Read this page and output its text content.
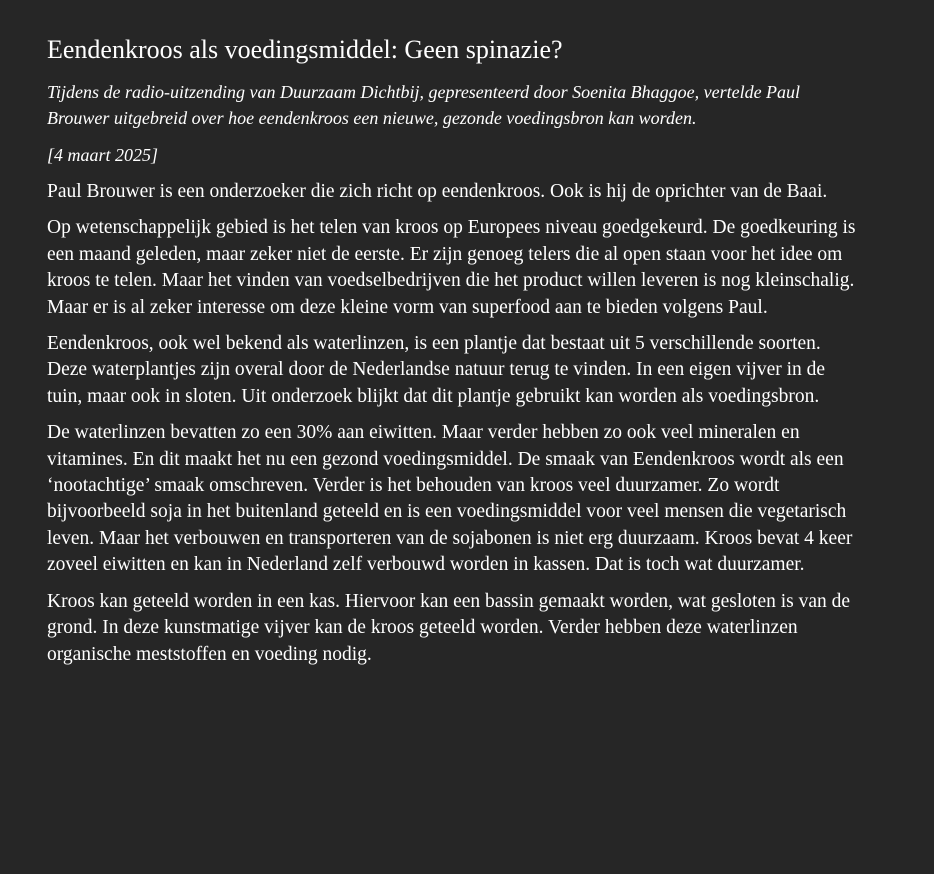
Eendenkroos als voedingsmiddel: Geen spinazie?

Tijdens de radio-uitzending van Duurzaam Dichtbij, gepresenteerd door Soenita Bhaggoe, vertelde Paul Brouwer uitgebreid over hoe eendenkroos een nieuwe, gezonde voedingsbron kan worden.

[4 maart 2025]

Paul Brouwer is een onderzoeker die zich richt op eendenkroos. Ook is hij de oprichter van de Baai.

Op wetenschappelijk gebied is het telen van kroos op Europees niveau goedgekeurd. De goedkeuring is een maand geleden, maar zeker niet de eerste. Er zijn genoeg telers die al open staan voor het idee om kroos te telen. Maar het vinden van voedselbedrijven die het product willen leveren is nog kleinschalig. Maar er is al zeker interesse om deze kleine vorm van superfood aan te bieden volgens Paul.

Eendenkroos, ook wel bekend als waterlinzen, is een plantje dat bestaat uit 5 verschillende soorten. Deze waterplantjes zijn overal door de Nederlandse natuur terug te vinden. In een eigen vijver in de tuin, maar ook in sloten. Uit onderzoek blijkt dat dit plantje gebruikt kan worden als voedingsbron.

De waterlinzen bevatten zo een 30% aan eiwitten. Maar verder hebben zo ook veel mineralen en vitamines. En dit maakt het nu een gezond voedingsmiddel. De smaak van Eendenkroos wordt als een ‘nootachtige’ smaak omschreven. Verder is het behouden van kroos veel duurzamer. Zo wordt bijvoorbeeld soja in het buitenland geteeld en is een voedingsmiddel voor veel mensen die vegetarisch leven. Maar het verbouwen en transporteren van de sojabonen is niet erg duurzaam. Kroos bevat 4 keer zoveel eiwitten en kan in Nederland zelf verbouwd worden in kassen. Dat is toch wat duurzamer.

Kroos kan geteeld worden in een kas. Hiervoor kan een bassin gemaakt worden, wat gesloten is van de grond. In deze kunstmatige vijver kan de kroos geteeld worden. Verder hebben deze waterlinzen organische meststoffen en voeding nodig.
